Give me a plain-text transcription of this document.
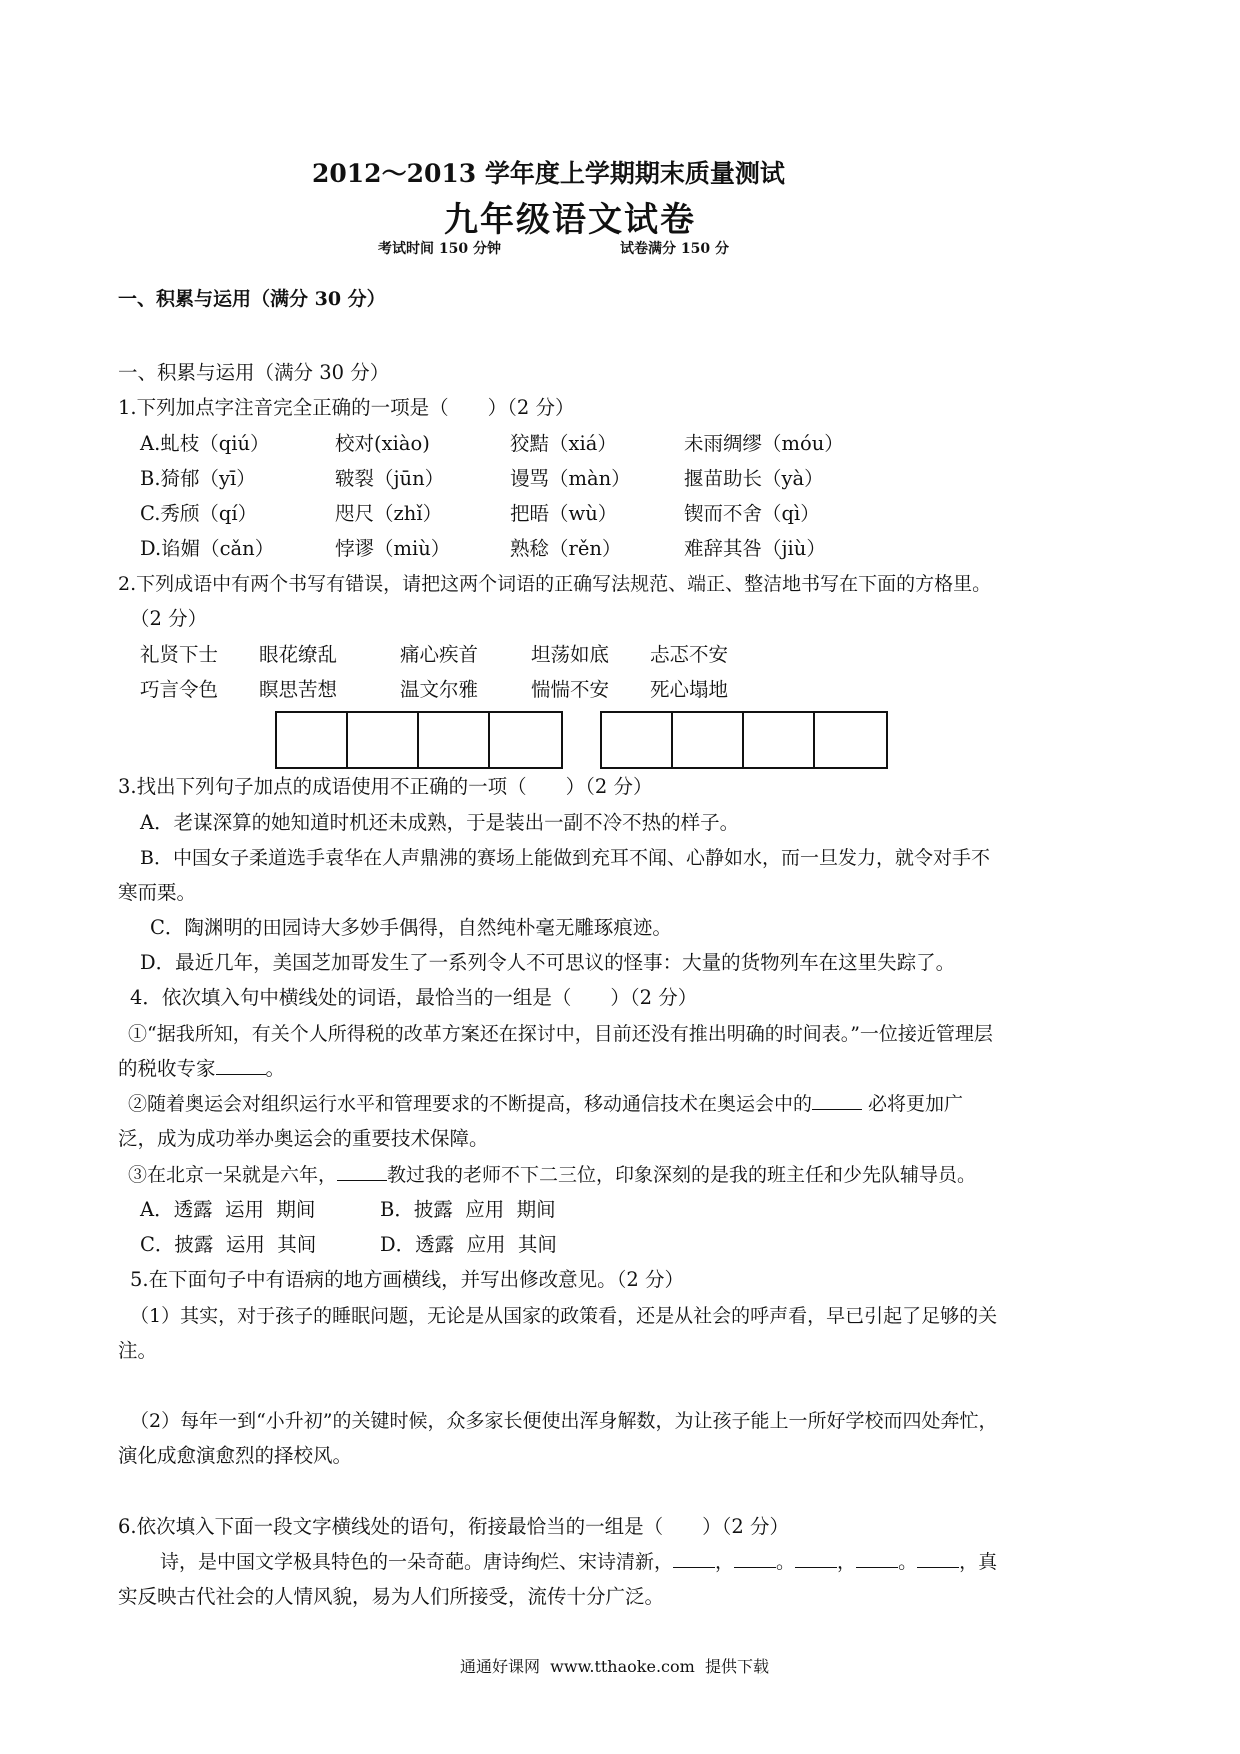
2012～2013 学年度上学期期末质量测试
九年级语文试卷
考试时间 150 分钟	试卷满分 150 分
一、积累与运用（满分 30 分）
一、积累与运用（满分 30 分）
1.下列加点字注音完全正确的一项是（　　）（2 分）
A.虬枝（qiú）	校对(xiào)	狡黠（xiá）	未雨绸缪（móu）
B.猗郁（yī）	皲裂（jūn）	谩骂（màn）	揠苗助长（yà）
C.秀颀（qí）	咫尺（zhǐ）	把晤（wù）	锲而不舍（qì）
D.谄媚（cǎn）	悖谬（miù）	熟稔（rěn）	难辞其咎（jiù）
2.下列成语中有两个书写有错误，请把这两个词语的正确写法规范、端正、整洁地书写在下面的方格里。
（2 分）
礼贤下士 眼花缭乱	痛心疾首	坦荡如底 忐忑不安
巧言令色 瞑思苦想	温文尔雅	惴惴不安 死心塌地
3.找出下列句子加点的成语使用不正确的一项（　　）（2 分）
A．老谋深算的她知道时机还未成熟，于是装出一副不冷不热的样子。
B．中国女子柔道选手袁华在人声鼎沸的赛场上能做到充耳不闻、心静如水，而一旦发力，就令对手不
寒而栗。
C．陶渊明的田园诗大多妙手偶得，自然纯朴毫无雕琢痕迹。
D．最近几年，美国芝加哥发生了一系列令人不可思议的怪事：大量的货物列车在这里失踪了。
4．依次填入句中横线处的词语，最恰当的一组是（　　）（2 分）
①“据我所知，有关个人所得税的改革方案还在探讨中，目前还没有推出明确的时间表。”一位接近管理层
的税收专家	。
②随着奥运会对组织运行水平和管理要求的不断提高，移动通信技术在奥运会中的	必将更加广
泛，成为成功举办奥运会的重要技术保障。
③在北京一呆就是六年，	教过我的老师不下二三位，印象深刻的是我的班主任和少先队辅导员。
A．透露  运用  期间	B．披露  应用  期间
C．披露  运用  其间	D．透露  应用  其间
5.在下面句子中有语病的地方画横线，并写出修改意见。（2 分）
（1）其实，对于孩子的睡眠问题，无论是从国家的政策看，还是从社会的呼声看，早已引起了足够的关
注。
（2）每年一到“小升初”的关键时候，众多家长便使出浑身解数，为让孩子能上一所好学校而四处奔忙，
演化成愈演愈烈的择校风。
6.依次填入下面一段文字横线处的语句，衔接最恰当的一组是（　　）（2 分）
诗，是中国文学极具特色的一朵奇葩。唐诗绚烂、宋诗清新， ， 。 ， 。 ，真
实反映古代社会的人情风貌，易为人们所接受，流传十分广泛。
通通好课网  www.tthaoke.com  提供下载
